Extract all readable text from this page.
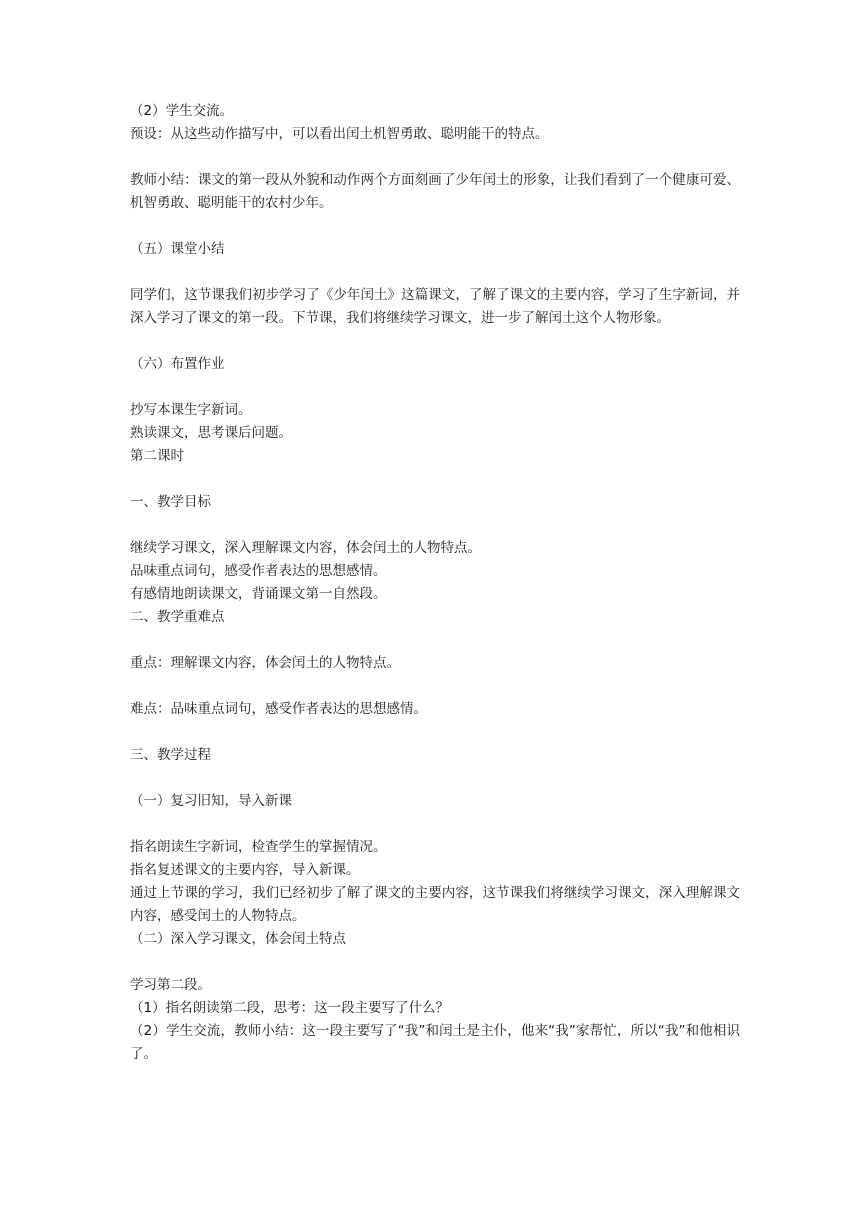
（2）学生交流。
预设：从这些动作描写中，可以看出闰土机智勇敢、聪明能干的特点。
教师小结：课文的第一段从外貌和动作两个方面刻画了少年闰土的形象，让我们看到了一个健康可爱、机智勇敢、聪明能干的农村少年。
（五）课堂小结
同学们，这节课我们初步学习了《少年闰土》这篇课文，了解了课文的主要内容，学习了生字新词，并深入学习了课文的第一段。下节课，我们将继续学习课文，进一步了解闰土这个人物形象。
（六）布置作业
抄写本课生字新词。
熟读课文，思考课后问题。
第二课时
一、教学目标
继续学习课文，深入理解课文内容，体会闰土的人物特点。
品味重点词句，感受作者表达的思想感情。
有感情地朗读课文，背诵课文第一自然段。
二、教学重难点
重点：理解课文内容，体会闰土的人物特点。
难点：品味重点词句，感受作者表达的思想感情。
三、教学过程
（一）复习旧知，导入新课
指名朗读生字新词，检查学生的掌握情况。
指名复述课文的主要内容，导入新课。
通过上节课的学习，我们已经初步了解了课文的主要内容，这节课我们将继续学习课文，深入理解课文内容，感受闰土的人物特点。
（二）深入学习课文，体会闰土特点
学习第二段。
（1）指名朗读第二段，思考：这一段主要写了什么？
（2）学生交流，教师小结：这一段主要写了“我”和闰土是主仆，他来“我”家帮忙，所以“我”和他相识了。
